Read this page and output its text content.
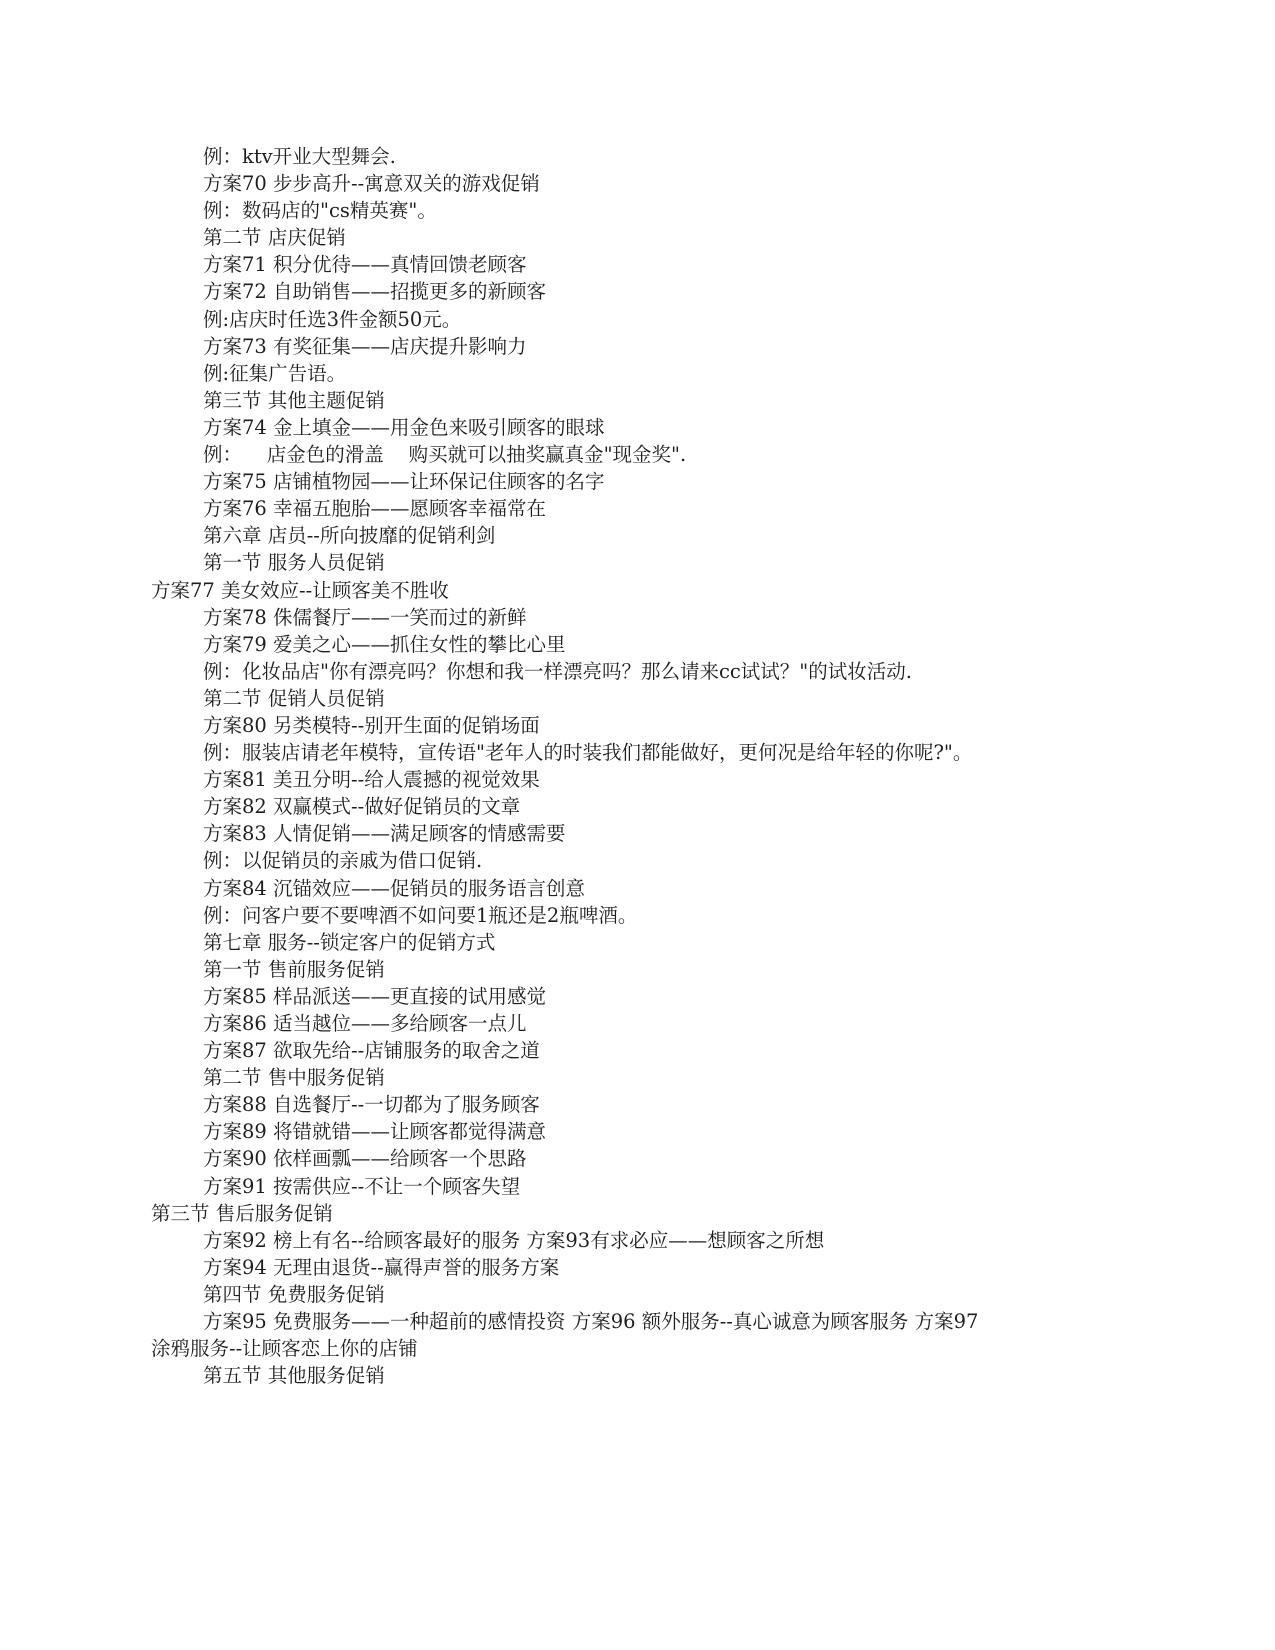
例：ktv开业大型舞会.
方案70 步步高升--寓意双关的游戏促销
例：数码店的"cs精英赛"。
第二节 店庆促销
方案71 积分优待——真情回馈老顾客
方案72 自助销售——招揽更多的新顾客
例:店庆时任选3件金额50元。
方案73 有奖征集——店庆提升影响力
例:征集广告语。
第三节 其他主题促销
方案74 金上填金——用金色来吸引顾客的眼球
例：    店金色的滑盖    购买就可以抽奖赢真金"现金奖".
方案75 店铺植物园——让环保记住顾客的名字
方案76 幸福五胞胎——愿顾客幸福常在
第六章 店员--所向披靡的促销利剑
第一节 服务人员促销
方案77 美女效应--让顾客美不胜收
方案78 侏儒餐厅——一笑而过的新鲜
方案79 爱美之心——抓住女性的攀比心里
例：化妆品店"你有漂亮吗？你想和我一样漂亮吗？那么请来cc试试？"的试妆活动.
第二节 促销人员促销
方案80 另类模特--别开生面的促销场面
例：服装店请老年模特，宣传语"老年人的时装我们都能做好，更何况是给年轻的你呢?"。
方案81 美丑分明--给人震撼的视觉效果
方案82 双赢模式--做好促销员的文章
方案83 人情促销——满足顾客的情感需要
例：以促销员的亲戚为借口促销.
方案84 沉锚效应——促销员的服务语言创意
例：问客户要不要啤酒不如问要1瓶还是2瓶啤酒。
第七章 服务--锁定客户的促销方式
第一节 售前服务促销
方案85 样品派送——更直接的试用感觉
方案86 适当越位——多给顾客一点儿
方案87 欲取先给--店铺服务的取舍之道
第二节 售中服务促销
方案88 自选餐厅--一切都为了服务顾客
方案89 将错就错——让顾客都觉得满意
方案90 依样画瓢——给顾客一个思路
方案91 按需供应--不让一个顾客失望
第三节 售后服务促销
方案92 榜上有名--给顾客最好的服务 方案93有求必应——想顾客之所想
方案94 无理由退货--赢得声誉的服务方案
第四节 免费服务促销
方案95 免费服务——一种超前的感情投资 方案96 额外服务--真心诚意为顾客服务 方案97
涂鸦服务--让顾客恋上你的店铺
第五节 其他服务促销
